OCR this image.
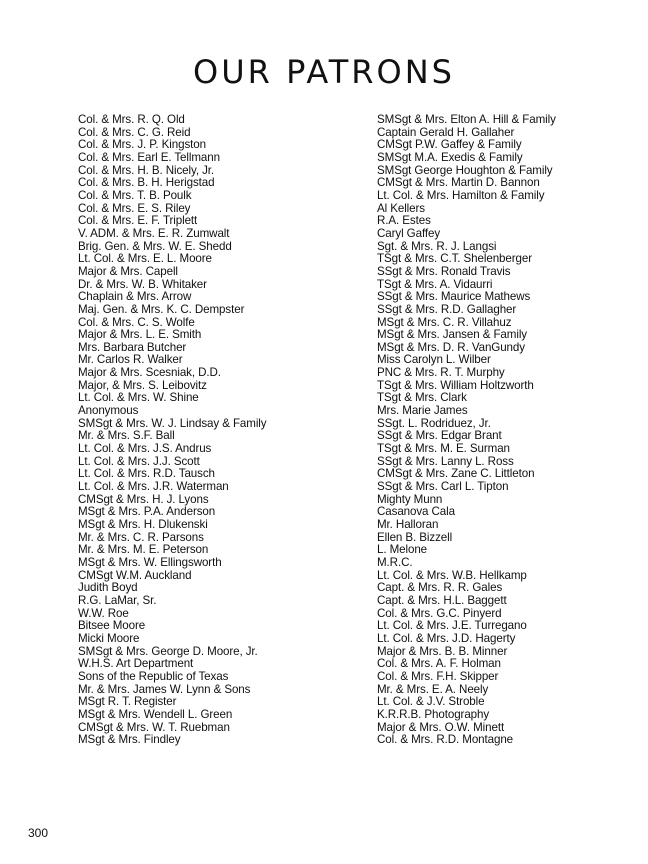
OUR PATRONS
Col. & Mrs. R. Q. Old
Col. & Mrs. C. G. Reid
Col. & Mrs. J. P. Kingston
Col. & Mrs. Earl E. Tellmann
Col. & Mrs. H. B. Nicely, Jr.
Col. & Mrs. B. H. Herigstad
Col. & Mrs. T. B. Poulk
Col. & Mrs. E. S. Riley
Col. & Mrs. E. F. Triplett
V. ADM. & Mrs. E. R. Zumwalt
Brig. Gen. & Mrs. W. E. Shedd
Lt. Col. & Mrs. E. L. Moore
Major & Mrs. Capell
Dr. & Mrs. W. B. Whitaker
Chaplain & Mrs. Arrow
Maj. Gen. & Mrs. K. C. Dempster
Col. & Mrs. C. S. Wolfe
Major & Mrs. L. E. Smith
Mrs. Barbara Butcher
Mr. Carlos R. Walker
Major & Mrs. Scesniak, D.D.
Major, & Mrs. S. Leibovitz
Lt. Col. & Mrs. W. Shine
Anonymous
SMSgt & Mrs. W. J. Lindsay & Family
Mr. & Mrs. S.F. Ball
Lt. Col. & Mrs. J.S. Andrus
Lt. Col. & Mrs. J.J. Scott
Lt. Col. & Mrs. R.D. Tausch
Lt. Col. & Mrs. J.R. Waterman
CMSgt & Mrs. H. J. Lyons
MSgt & Mrs. P.A. Anderson
MSgt & Mrs. H. Dlukenski
Mr. & Mrs. C. R. Parsons
Mr. & Mrs. M. E. Peterson
MSgt & Mrs. W. Ellingsworth
CMSgt W.M. Auckland
Judith Boyd
R.G. LaMar, Sr.
W.W. Roe
Bitsee Moore
Micki Moore
SMSgt & Mrs. George D. Moore, Jr.
W.H.S. Art Department
Sons of the Republic of Texas
Mr. & Mrs. James W. Lynn & Sons
MSgt R. T. Register
MSgt & Mrs. Wendell L. Green
CMSgt & Mrs. W. T. Ruebman
MSgt & Mrs. Findley
SMSgt & Mrs. Elton A. Hill & Family
Captain Gerald H. Gallaher
CMSgt P.W. Gaffey & Family
SMSgt M.A. Exedis & Family
SMSgt George Houghton & Family
CMSgt & Mrs. Martin D. Bannon
Lt. Col. & Mrs. Hamilton & Family
Al Kellers
R.A. Estes
Caryl Gaffey
Sgt. & Mrs. R. J. Langsi
TSgt & Mrs. C.T. Shelenberger
SSgt & Mrs. Ronald Travis
TSgt & Mrs. A. Vidaurri
SSgt & Mrs. Maurice Mathews
SSgt & Mrs. R.D. Gallagher
MSgt & Mrs. C. R. Villahuz
MSgt & Mrs. Jansen & Family
MSgt & Mrs. D. R. VanGundy
Miss Carolyn L. Wilber
PNC & Mrs. R. T. Murphy
TSgt & Mrs. William Holtzworth
TSgt & Mrs. Clark
Mrs. Marie James
SSgt. L. Rodriduez, Jr.
SSgt & Mrs. Edgar Brant
TSgt & Mrs. M. E. Surman
SSgt & Mrs. Lanny L. Ross
CMSgt & Mrs. Zane C. Littleton
SSgt & Mrs. Carl L. Tipton
Mighty Munn
Casanova Cala
Mr. Halloran
Ellen B. Bizzell
L. Melone
M.R.C.
Lt. Col. & Mrs. W.B. Hellkamp
Capt. & Mrs. R. R. Gales
Capt. & Mrs. H.L. Baggett
Col. & Mrs. G.C. Pinyerd
Lt. Col. & Mrs. J.E. Turregano
Lt. Col. & Mrs. J.D. Hagerty
Major & Mrs. B. B. Minner
Col. & Mrs. A. F. Holman
Col. & Mrs. F.H. Skipper
Mr. & Mrs. E. A. Neely
Lt. Col. & J.V. Stroble
K.R.R.B. Photography
Major & Mrs. O.W. Minett
Col. & Mrs. R.D. Montagne
300
